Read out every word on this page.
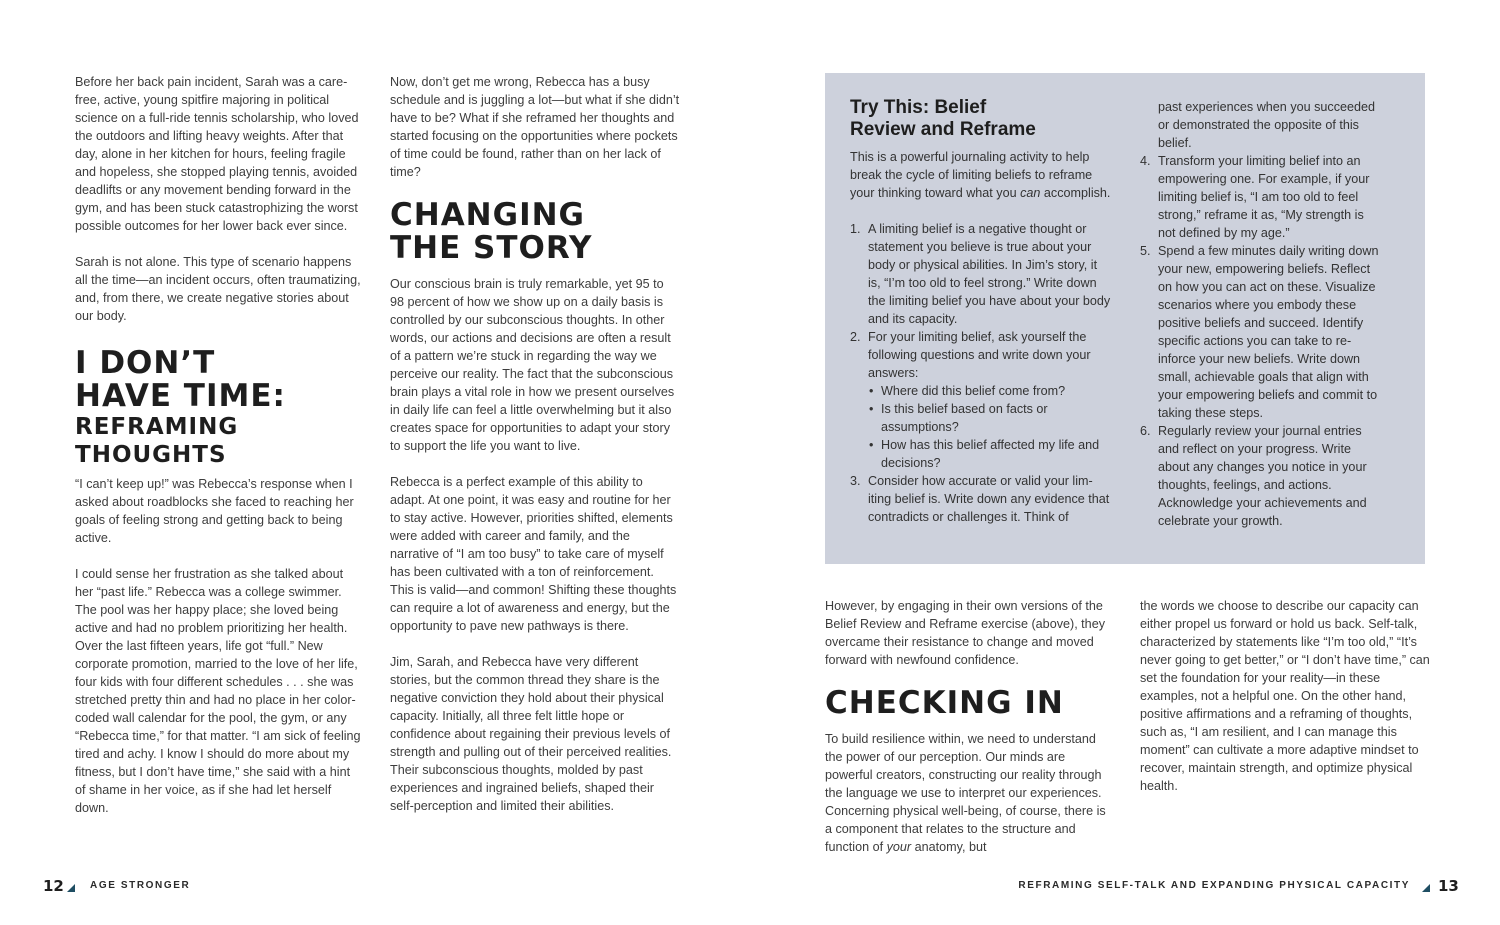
Before her back pain incident, Sarah was a care-free, active, young spitfire majoring in political science on a full-ride tennis scholarship, who loved the outdoors and lifting heavy weights. After that day, alone in her kitchen for hours, feeling fragile and hopeless, she stopped playing tennis, avoided deadlifts or any movement bending forward in the gym, and has been stuck catastrophizing the worst possible outcomes for her lower back ever since.

Sarah is not alone. This type of scenario happens all the time—an incident occurs, often traumatizing, and, from there, we create negative stories about our body.

I DON’T
HAVE TIME:
REFRAMING
THOUGHTS

“I can’t keep up!” was Rebecca’s response when I asked about roadblocks she faced to reaching her goals of feeling strong and getting back to being active.

I could sense her frustration as she talked about her “past life.” Rebecca was a college swimmer. The pool was her happy place; she loved being active and had no problem prioritizing her health. Over the last fifteen years, life got “full.” New corporate promotion, married to the love of her life, four kids with four different schedules . . . she was stretched pretty thin and had no place in her color-coded wall calendar for the pool, the gym, or any “Rebecca time,” for that matter. “I am sick of feeling tired and achy. I know I should do more about my fitness, but I don’t have time,” she said with a hint of shame in her voice, as if she had let herself down.

Now, don’t get me wrong, Rebecca has a busy schedule and is juggling a lot—but what if she didn’t have to be? What if she reframed her thoughts and started focusing on the opportunities where pockets of time could be found, rather than on her lack of time?

CHANGING
THE STORY

Our conscious brain is truly remarkable, yet 95 to 98 percent of how we show up on a daily basis is controlled by our subconscious thoughts. In other words, our actions and decisions are often a result of a pattern we’re stuck in regarding the way we perceive our reality. The fact that the subconscious brain plays a vital role in how we present ourselves in daily life can feel a little overwhelming but it also creates space for opportunities to adapt your story to support the life you want to live.

Rebecca is a perfect example of this ability to adapt. At one point, it was easy and routine for her to stay active. However, priorities shifted, elements were added with career and family, and the narrative of “I am too busy” to take care of myself has been cultivated with a ton of reinforcement. This is valid—and common! Shifting these thoughts can require a lot of awareness and energy, but the opportunity to pave new pathways is there.

Jim, Sarah, and Rebecca have very different stories, but the common thread they share is the negative conviction they hold about their physical capacity. Initially, all three felt little hope or confidence about regaining their previous levels of strength and pulling out of their perceived realities. Their subconscious thoughts, molded by past experiences and ingrained beliefs, shaped their self-perception and limited their abilities.

Try This: Belief
Review and Reframe

This is a powerful journaling activity to help break the cycle of limiting beliefs to reframe your thinking toward what you can accomplish.

1. A limiting belief is a negative thought or statement you believe is true about your body or physical abilities. In Jim’s story, it is, “I’m too old to feel strong.” Write down the limiting belief you have about your body and its capacity.
2. For your limiting belief, ask yourself the following questions and write down your answers:
• Where did this belief come from?
• Is this belief based on facts or assumptions?
• How has this belief affected my life and decisions?
3. Consider how accurate or valid your lim-iting belief is. Write down any evidence that contradicts or challenges it. Think of
past experiences when you succeeded or demonstrated the opposite of this belief.
4. Transform your limiting belief into an empowering one. For example, if your limiting belief is, “I am too old to feel strong,” reframe it as, “My strength is not defined by my age.”
5. Spend a few minutes daily writing down your new, empowering beliefs. Reflect on how you can act on these. Visualize scenarios where you embody these positive beliefs and succeed. Identify specific actions you can take to re-inforce your new beliefs. Write down small, achievable goals that align with your empowering beliefs and commit to taking these steps.
6. Regularly review your journal entries and reflect on your progress. Write about any changes you notice in your thoughts, feelings, and actions. Acknowledge your achievements and celebrate your growth.

However, by engaging in their own versions of the Belief Review and Reframe exercise (above), they overcame their resistance to change and moved forward with newfound confidence.

CHECKING IN

To build resilience within, we need to understand the power of our perception. Our minds are powerful creators, constructing our reality through the language we use to interpret our experiences. Concerning physical well-being, of course, there is a component that relates to the structure and function of your anatomy, but

the words we choose to describe our capacity can either propel us forward or hold us back. Self-talk, characterized by statements like “I’m too old,” “It’s never going to get better,” or “I don’t have time,” can set the foundation for your reality—in these examples, not a helpful one. On the other hand, positive affirmations and a reframing of thoughts, such as, “I am resilient, and I can manage this moment” can cultivate a more adaptive mindset to recover, maintain strength, and optimize physical health.

12	AGE STRONGER	REFRAMING SELF-TALK AND EXPANDING PHYSICAL CAPACITY 13
